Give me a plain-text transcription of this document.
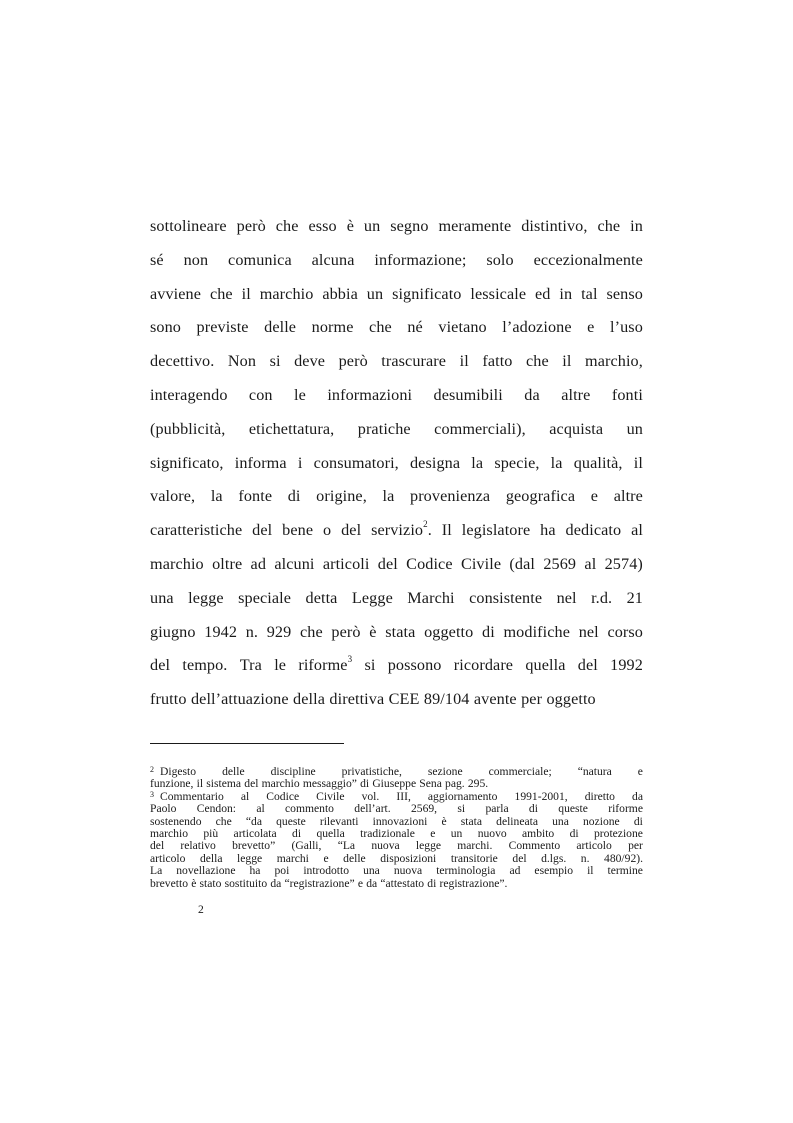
sottolineare però che esso è un segno meramente distintivo, che in
sé non comunica alcuna informazione; solo eccezionalmente
avviene che il marchio abbia un significato lessicale ed in tal senso
sono previste delle norme che né vietano l’adozione e l’uso
decettivo. Non si deve però trascurare il fatto che il marchio,
interagendo con le informazioni desumibili da altre fonti
(pubblicità, etichettatura, pratiche commerciali), acquista un
significato, informa i consumatori, designa la specie, la qualità, il
valore, la fonte di origine, la provenienza geografica e altre
caratteristiche del bene o del servizio$^2$. Il legislatore ha dedicato al
marchio oltre ad alcuni articoli del Codice Civile (dal 2569 al 2574)
una legge speciale detta Legge Marchi consistente nel r.d. 21
giugno 1942 n. 929 che però è stata oggetto di modifiche nel corso
del tempo. Tra le riforme$^3$ si possono ricordare quella del 1992
frutto dell’attuazione della direttiva CEE 89/104 avente per oggetto
$^2$ Digesto delle discipline privatistiche, sezione commerciale; “natura e
funzione, il sistema del marchio messaggio” di Giuseppe Sena pag. 295.
$^3$ Commentario al Codice Civile vol. III, aggiornamento 1991-2001, diretto da
Paolo Cendon: al commento dell’art. 2569, si parla di queste riforme
sostenendo che “da queste rilevanti innovazioni è stata delineata una nozione di
marchio più articolata di quella tradizionale e un nuovo ambito di protezione
del relativo brevetto” (Galli, “La nuova legge marchi. Commento articolo per
articolo della legge marchi e delle disposizioni transitorie del d.lgs. n. 480/92).
La novellazione ha poi introdotto una nuova terminologia ad esempio il termine
brevetto è stato sostituito da “registrazione” e da “attestato di registrazione”.
2
